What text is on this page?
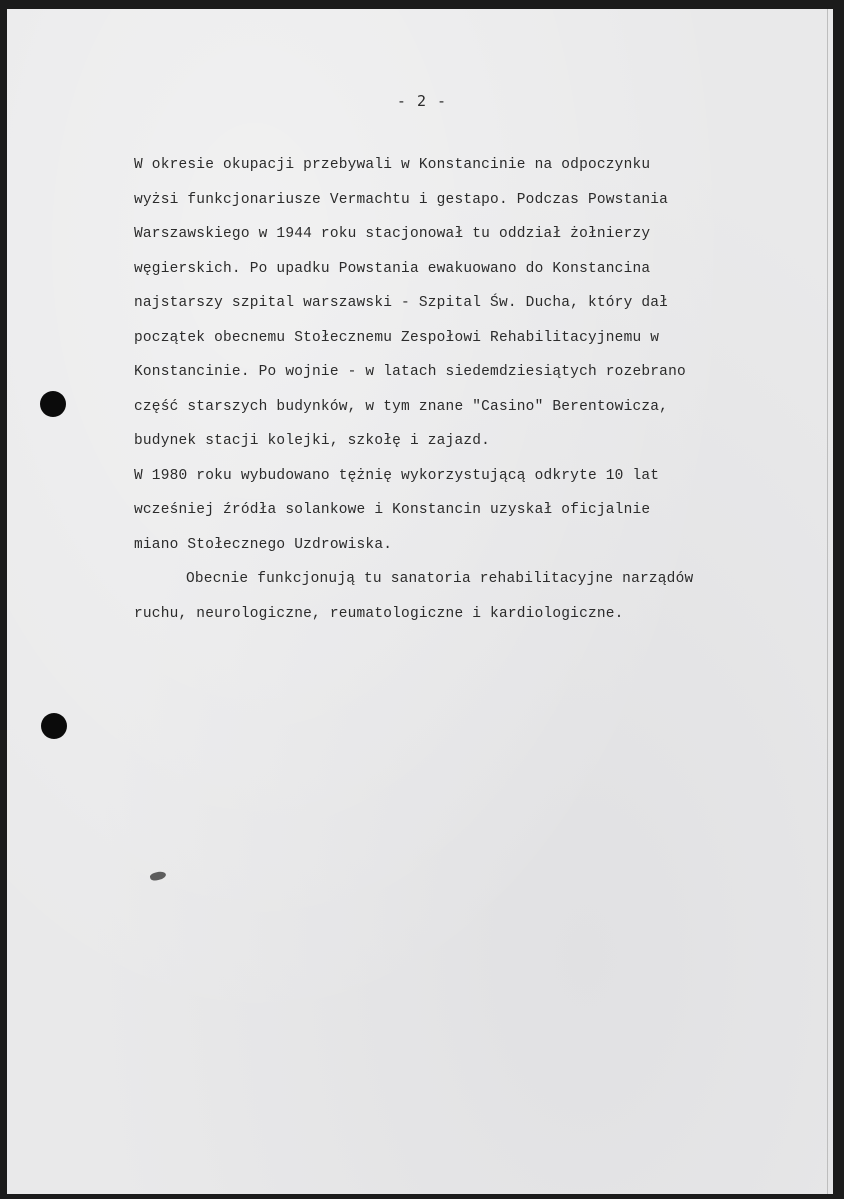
- 2 -
W okresie okupacji przebywali w Konstancinie na odpoczynku
wyżsi funkcjonariusze Vermachtu i gestapo. Podczas Powstania
Warszawskiego w 1944 roku stacjonował tu oddział żołnierzy
węgierskich. Po upadku Powstania ewakuowano do Konstancina
najstarszy szpital warszawski - Szpital Św. Ducha, który dał
początek obecnemu Stołecznemu Zespołowi Rehabilitacyjnemu w
Konstancinie. Po wojnie - w latach siedemdziesiątych rozebrano
część starszych budynków, w tym znane "Casino" Berentowicza,
budynek stacji kolejki, szkołę i zajazd.
W 1980 roku wybudowano tężnię wykorzystującą odkryte 10 lat
wcześniej źródła solankowe i Konstancin uzyskał oficjalnie
miano Stołecznego Uzdrowiska.
Obecnie funkcjonują tu sanatoria rehabilitacyjne narządów
ruchu, neurologiczne, reumatologiczne i kardiologiczne.
